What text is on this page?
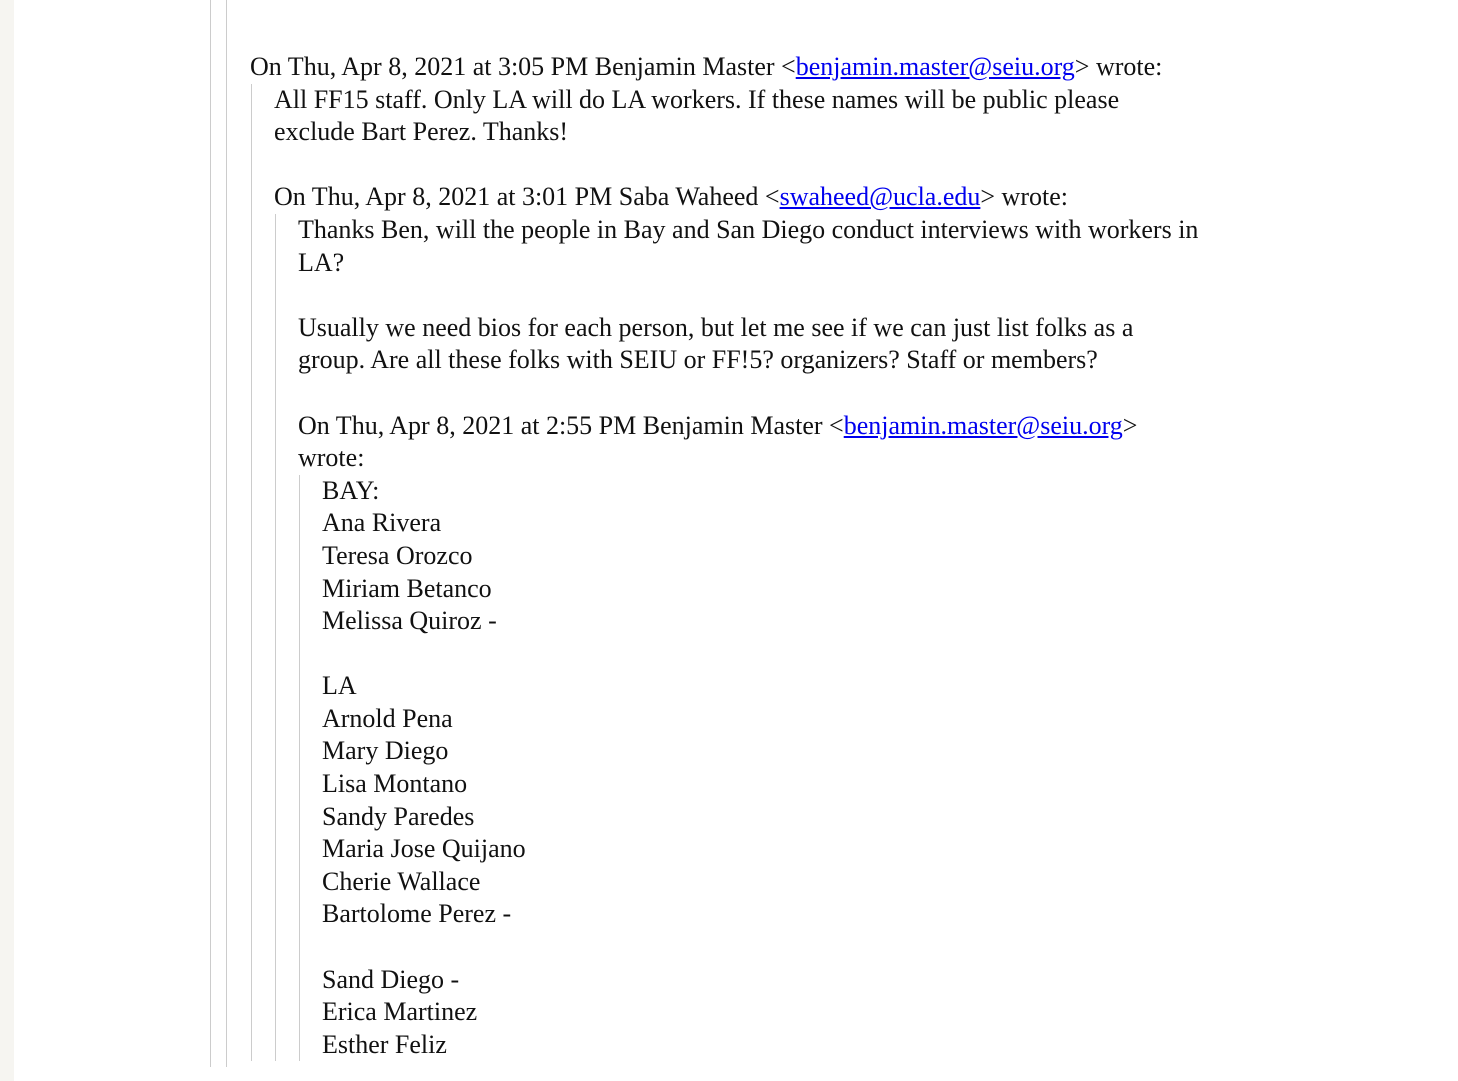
On Thu, Apr 8, 2021 at 3:05 PM Benjamin Master <benjamin.master@seiu.org> wrote:
All FF15 staff. Only LA will do LA workers. If these names will be public please
exclude Bart Perez. Thanks!
On Thu, Apr 8, 2021 at 3:01 PM Saba Waheed <swaheed@ucla.edu> wrote:
Thanks Ben, will the people in Bay and San Diego conduct interviews with workers in
LA?
Usually we need bios for each person, but let me see if we can just list folks as a
group. Are all these folks with SEIU or FF!5? organizers? Staff or members?
On Thu, Apr 8, 2021 at 2:55 PM Benjamin Master <benjamin.master@seiu.org>
wrote:
BAY:
Ana Rivera
Teresa Orozco
Miriam Betanco
Melissa Quiroz -
LA
Arnold Pena
Mary Diego
Lisa Montano
Sandy Paredes
Maria Jose Quijano
Cherie Wallace
Bartolome Perez -
Sand Diego -
Erica Martinez
Esther Feliz
